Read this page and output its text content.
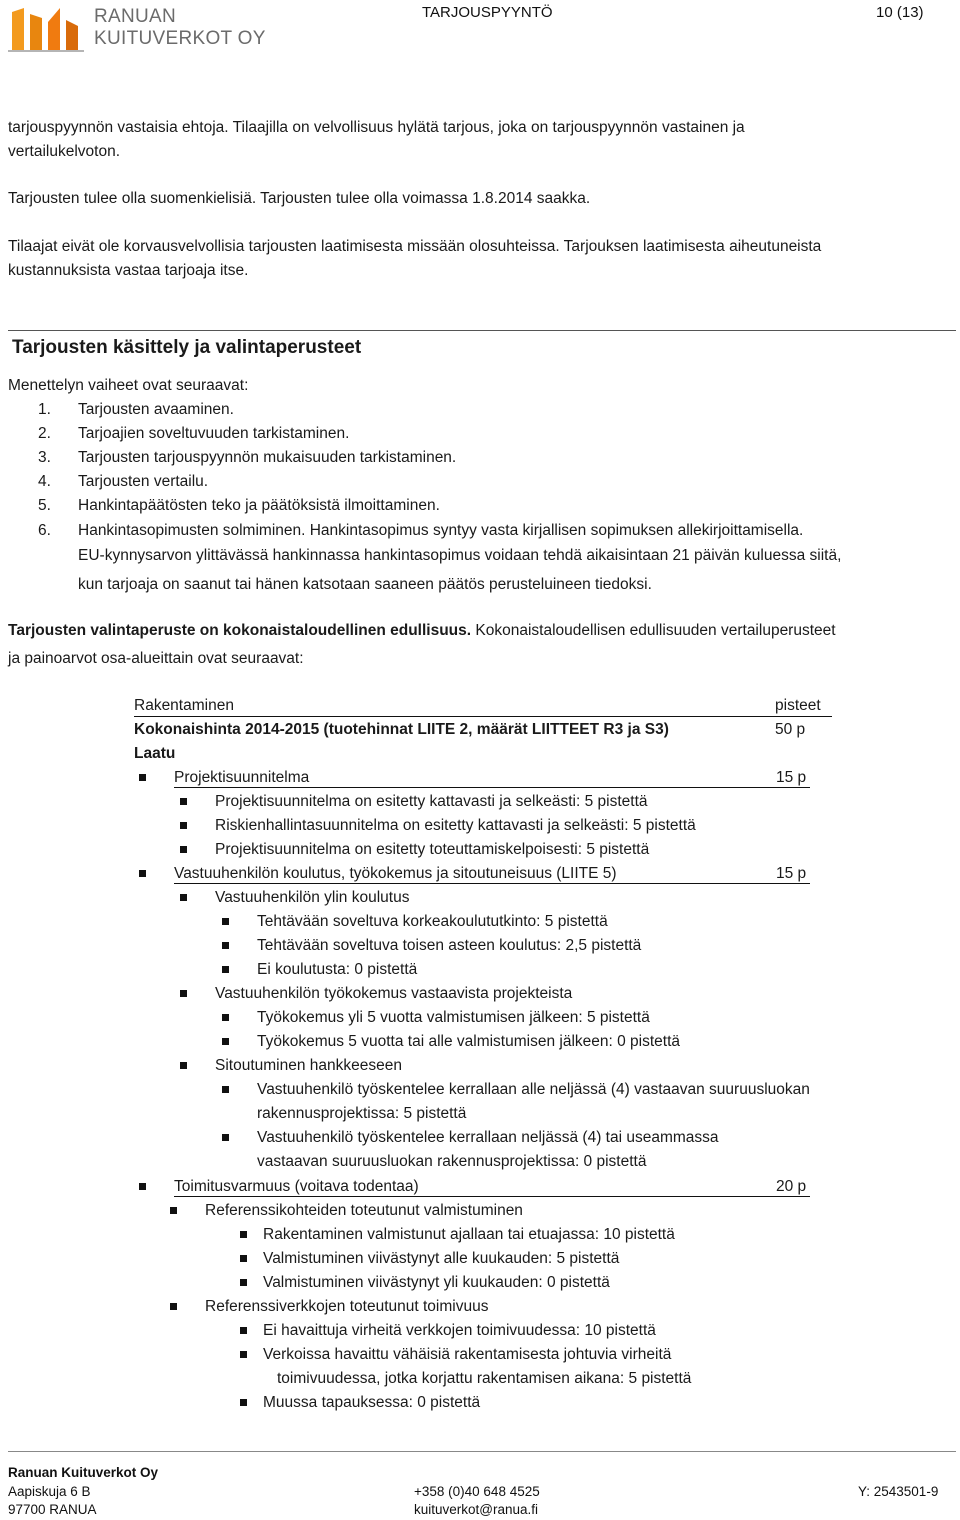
RANUAN
KUITUVERKOT OY
TARJOUSPYYNTÖ	10 (13)
tarjouspyynnön vastaisia ehtoja. Tilaajilla on velvollisuus hylätä tarjous, joka on tarjouspyynnön vastainen ja
vertailukelvoton.
Tarjousten tulee olla suomenkielisiä. Tarjousten tulee olla voimassa 1.8.2014 saakka.
Tilaajat eivät ole korvausvelvollisia tarjousten laatimisesta missään olosuhteissa. Tarjouksen laatimisesta aiheutuneista
kustannuksista vastaa tarjoaja itse.
Tarjousten käsittely ja valintaperusteet
Menettelyn vaiheet ovat seuraavat:
1. Tarjousten avaaminen.
2. Tarjoajien soveltuvuuden tarkistaminen.
3. Tarjousten tarjouspyynnön mukaisuuden tarkistaminen.
4. Tarjousten vertailu.
5. Hankintapäätösten teko ja päätöksistä ilmoittaminen.
6. Hankintasopimusten solmiminen. Hankintasopimus syntyy vasta kirjallisen sopimuksen allekirjoittamisella.
EU-kynnysarvon ylittävässä hankinnassa hankintasopimus voidaan tehdä aikaisintaan 21 päivän kuluessa siitä,
kun tarjoaja on saanut tai hänen katsotaan saaneen päätös perusteluineen tiedoksi.
Tarjousten valintaperuste on kokonaistaloudellinen edullisuus. Kokonaistaloudellisen edullisuuden vertailuperusteet
ja painoarvot osa-alueittain ovat seuraavat:
Rakentaminen	pisteet
Kokonaishinta 2014-2015 (tuotehinnat LIITE 2, määrät LIITTEET R3 ja S3)	50 p
Laatu
Projektisuunnitelma	15 p
Projektisuunnitelma on esitetty kattavasti ja selkeästi: 5 pistettä
Riskienhallintasuunnitelma on esitetty kattavasti ja selkeästi: 5 pistettä
Projektisuunnitelma on esitetty toteuttamiskelpoisesti: 5 pistettä
Vastuuhenkilön koulutus, työkokemus ja sitoutuneisuus (LIITE 5)	15 p
Vastuuhenkilön ylin koulutus
Tehtävään soveltuva korkeakoulututkinto: 5 pistettä
Tehtävään soveltuva toisen asteen koulutus: 2,5 pistettä
Ei koulutusta: 0 pistettä
Vastuuhenkilön työkokemus vastaavista projekteista
Työkokemus yli 5 vuotta valmistumisen jälkeen: 5 pistettä
Työkokemus 5 vuotta tai alle valmistumisen jälkeen: 0 pistettä
Sitoutuminen hankkeeseen
Vastuuhenkilö työskentelee kerrallaan alle neljässä (4) vastaavan suuruusluokan
rakennusprojektissa: 5 pistettä
Vastuuhenkilö työskentelee kerrallaan neljässä (4) tai useammassa
vastaavan suuruusluokan rakennusprojektissa: 0 pistettä
Toimitusvarmuus (voitava todentaa)	20 p
Referenssikohteiden toteutunut valmistuminen
Rakentaminen valmistunut ajallaan tai etuajassa: 10 pistettä
Valmistuminen viivästynyt alle kuukauden: 5 pistettä
Valmistuminen viivästynyt yli kuukauden: 0 pistettä
Referenssiverkkojen toteutunut toimivuus
Ei havaittuja virheitä verkkojen toimivuudessa: 10 pistettä
Verkoissa havaittu vähäisiä rakentamisesta johtuvia virheitä
toimivuudessa, jotka korjattu rakentamisen aikana: 5 pistettä
Muussa tapauksessa: 0 pistettä
Ranuan Kuituverkot Oy
Aapiskuja 6 B
97700 RANUA
+358 (0)40 648 4525
kuituverkot@ranua.fi
Y: 2543501-9
